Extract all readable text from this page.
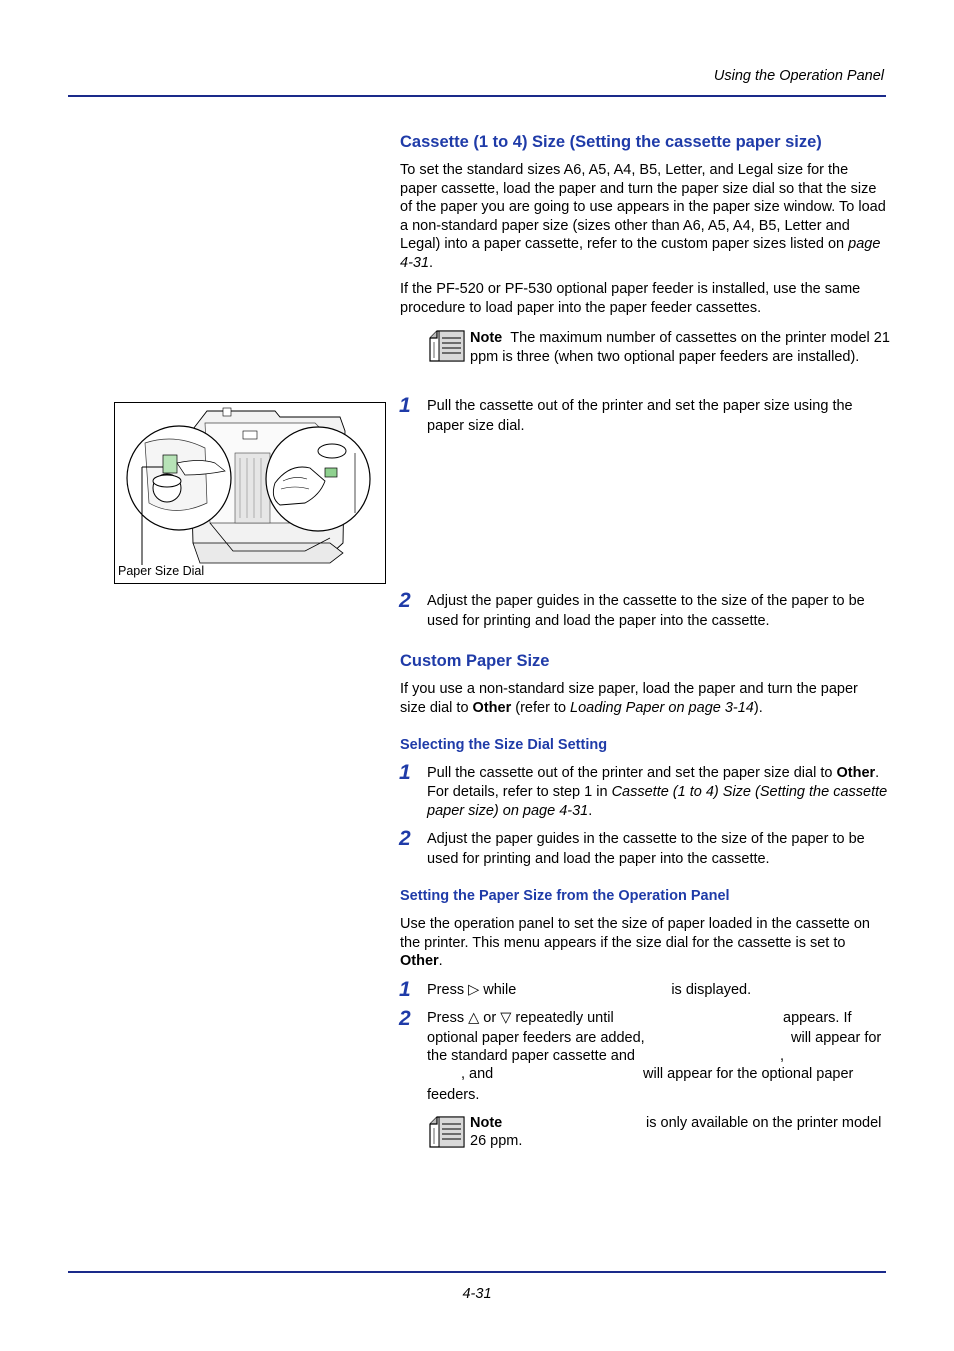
Using the Operation Panel
Cassette (1 to 4) Size (Setting the cassette paper size)

To set the standard sizes A6, A5, A4, B5, Letter, and Legal size for the paper cassette, load the paper and turn the paper size dial so that the size of the paper you are going to use appears in the paper size window. To load a non-standard paper size (sizes other than A6, A5, A4, B5, Letter and Legal) into a paper cassette, refer to the custom paper sizes listed on page 4-31.

If the PF-520 or PF-530 optional paper feeder is installed, use the same procedure to load paper into the paper feeder cassettes.

Note The maximum number of cassettes on the printer model 21 ppm is three (when two optional paper feeders are installed).
1 Pull the cassette out of the printer and set the paper size using the paper size dial.
Paper Size Dial
2 Adjust the paper guides in the cassette to the size of the paper to be used for printing and load the paper into the cassette.
Custom Paper Size

If you use a non-standard size paper, load the paper and turn the paper size dial to Other (refer to Loading Paper on page 3-14).

Selecting the Size Dial Setting
1 Pull the cassette out of the printer and set the paper size dial to Other. For details, refer to step 1 in Cassette (1 to 4) Size (Setting the cassette paper size) on page 4-31.
2 Adjust the paper guides in the cassette to the size of the paper to be used for printing and load the paper into the cassette.
Setting the Paper Size from the Operation Panel

Use the operation panel to set the size of paper loaded in the cassette on the printer. This menu appears if the size dial for the cassette is set to Other.

1 Press ▷ while	is displayed.
2 Press △ or ▽ repeatedly until	appears. If
optional paper feeders are added,	will appear for
the standard paper cassette and	,
, and	will appear for the optional paper
feeders.
Note	is only available on the printer model
26 ppm.
4-31
